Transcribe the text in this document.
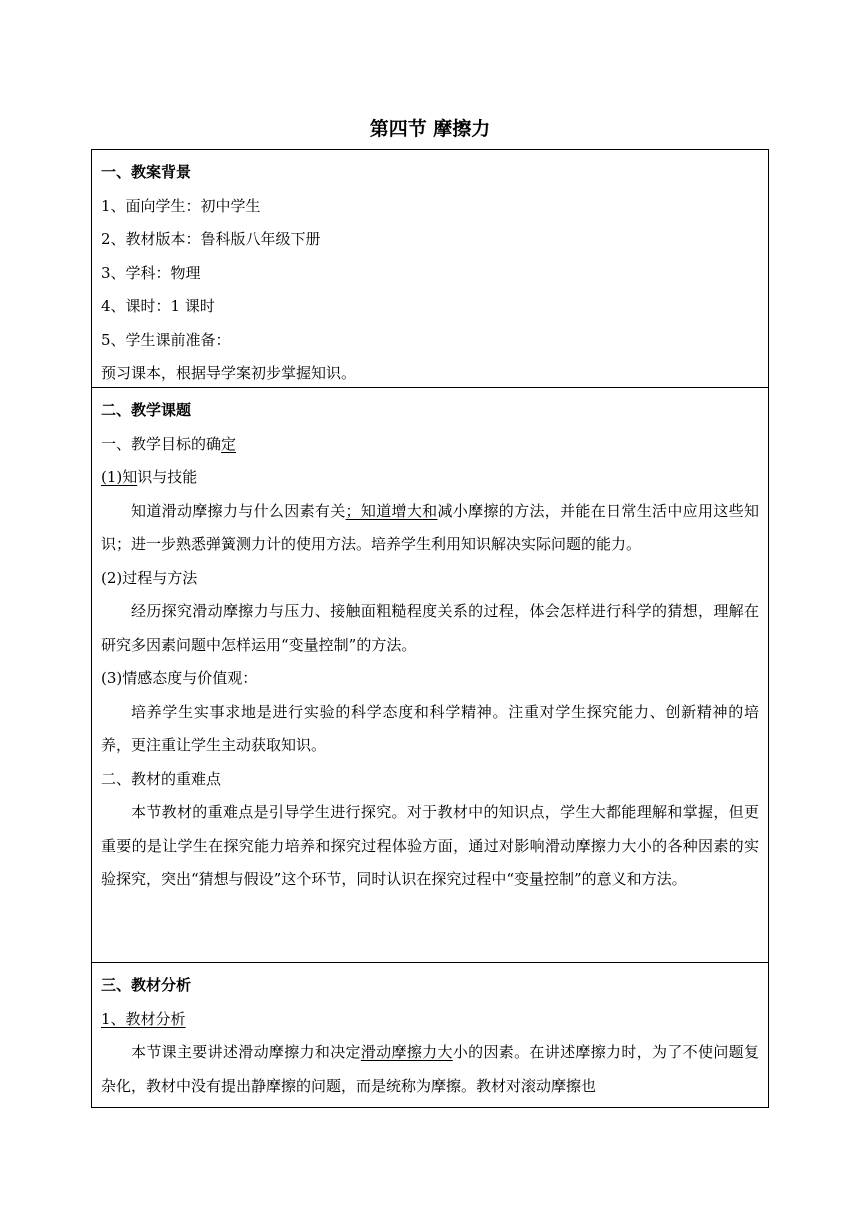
第四节 摩擦力

一、教案背景

1、面向学生：初中学生

2、教材版本：鲁科版八年级下册

3、学科：物理

4、课时：1 课时

5、学生课前准备：

预习课本，根据导学案初步掌握知识。

二、教学课题

一、教学目标的确定

(1)知识与技能

知道滑动摩擦力与什么因素有关；知道增大和减小摩擦的方法，并能在日常生活中应用这些知识；进一步熟悉弹簧测力计的使用方法。培养学生利用知识解决实际问题的能力。

(2)过程与方法

经历探究滑动摩擦力与压力、接触面粗糙程度关系的过程，体会怎样进行科学的猜想，理解在研究多因素问题中怎样运用“变量控制”的方法。

(3)情感态度与价值观：

培养学生实事求地是进行实验的科学态度和科学精神。注重对学生探究能力、创新精神的培养，更注重让学生主动获取知识。

二、教材的重难点

本节教材的重难点是引导学生进行探究。对于教材中的知识点，学生大都能理解和掌握，但更重要的是让学生在探究能力培养和探究过程体验方面，通过对影响滑动摩擦力大小的各种因素的实验探究，突出“猜想与假设”这个环节，同时认识在探究过程中“变量控制”的意义和方法。

三、教材分析

1、教材分析

本节课主要讲述滑动摩擦力和决定滑动摩擦力大小的因素。在讲述摩擦力时，为了不使问题复杂化，教材中没有提出静摩擦的问题，而是统称为摩擦。教材对滚动摩擦也
